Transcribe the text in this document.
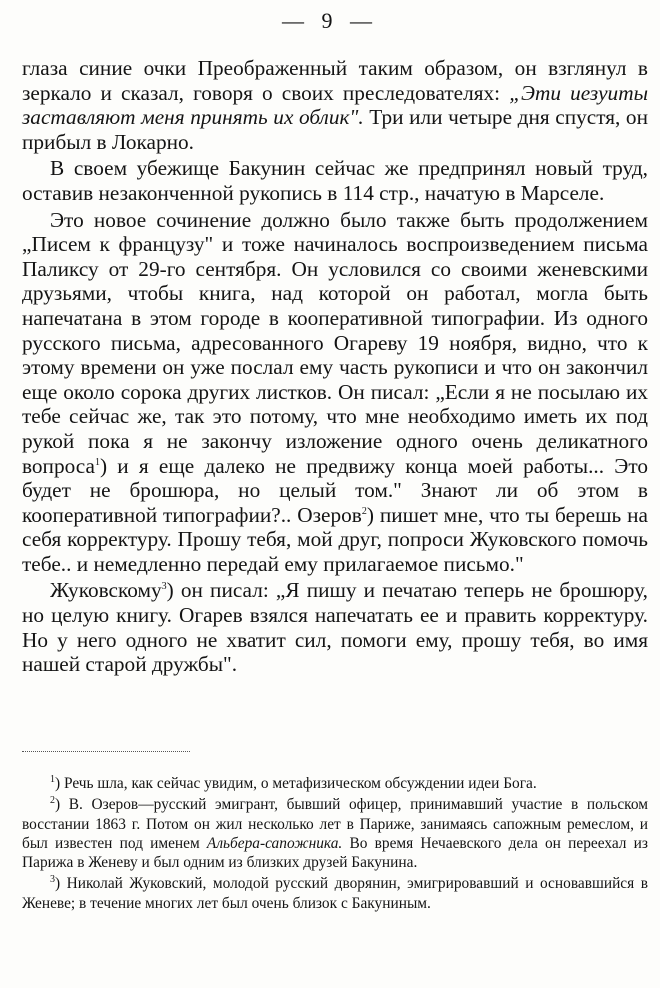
— 9 —

глаза синие очки Преображенный таким образом, он взглянул в зеркало и сказал, говоря о своих преследователях: „Эти иезуиты заставляют меня принять их облик". Три или четыре дня спустя, он прибыл в Локарно.

В своем убежище Бакунин сейчас же предпринял новый труд, оставив незаконченной рукопись в 114 стр., начатую в Марселе.

Это новое сочинение должно было также быть продолжением „Писем к французу" и тоже начиналось воспроизведением письма Паликсу от 29-го сентября. Он условился со своими женевскими друзьями, чтобы книга, над которой он работал, могла быть напечатана в этом городе в кооперативной типографии. Из одного русского письма, адресованного Огареву 19 ноября, видно, что к этому времени он уже послал ему часть рукописи и что он закончил еще около сорока других листков. Он писал: „Если я не посылаю их тебе сейчас же, так это потому, что мне необходимо иметь их под рукой пока я не закончу изложение одного очень деликатного вопроса$^1$) и я еще далеко не предвижу конца моей работы... Это будет не брошюра, но целый том." Знают ли об этом в кооперативной типографии?.. Озеров$^2$) пишет мне, что ты берешь на себя корректуру. Прошу тебя, мой друг, попроси Жуковского помочь тебе.. и немедленно передай ему прилагаемое письмо."

Жуковскому$^3$) он писал: „Я пишу и печатаю теперь не брошюру, но целую книгу. Огарев взялся напечатать ее и править корректуру. Но у него одного не хватит сил, помоги ему, прошу тебя, во имя нашей старой дружбы".

$^1$) Речь шла, как сейчас увидим, о метафизическом обсуждении идеи Бога.

$^2$) В. Озеров—русский эмигрант, бывший офицер, принимавший участие в польском восстании 1863 г. Потом он жил несколько лет в Париже, занимаясь сапожным ремеслом, и был известен под именем Альбера-сапожника. Во время Нечаевского дела он переехал из Парижа в Женеву и был одним из близких друзей Бакунина.

$^3$) Николай Жуковский, молодой русский дворянин, эмигрировавший и основавшийся в Женеве; в течение многих лет был очень близок с Бакуниным.
